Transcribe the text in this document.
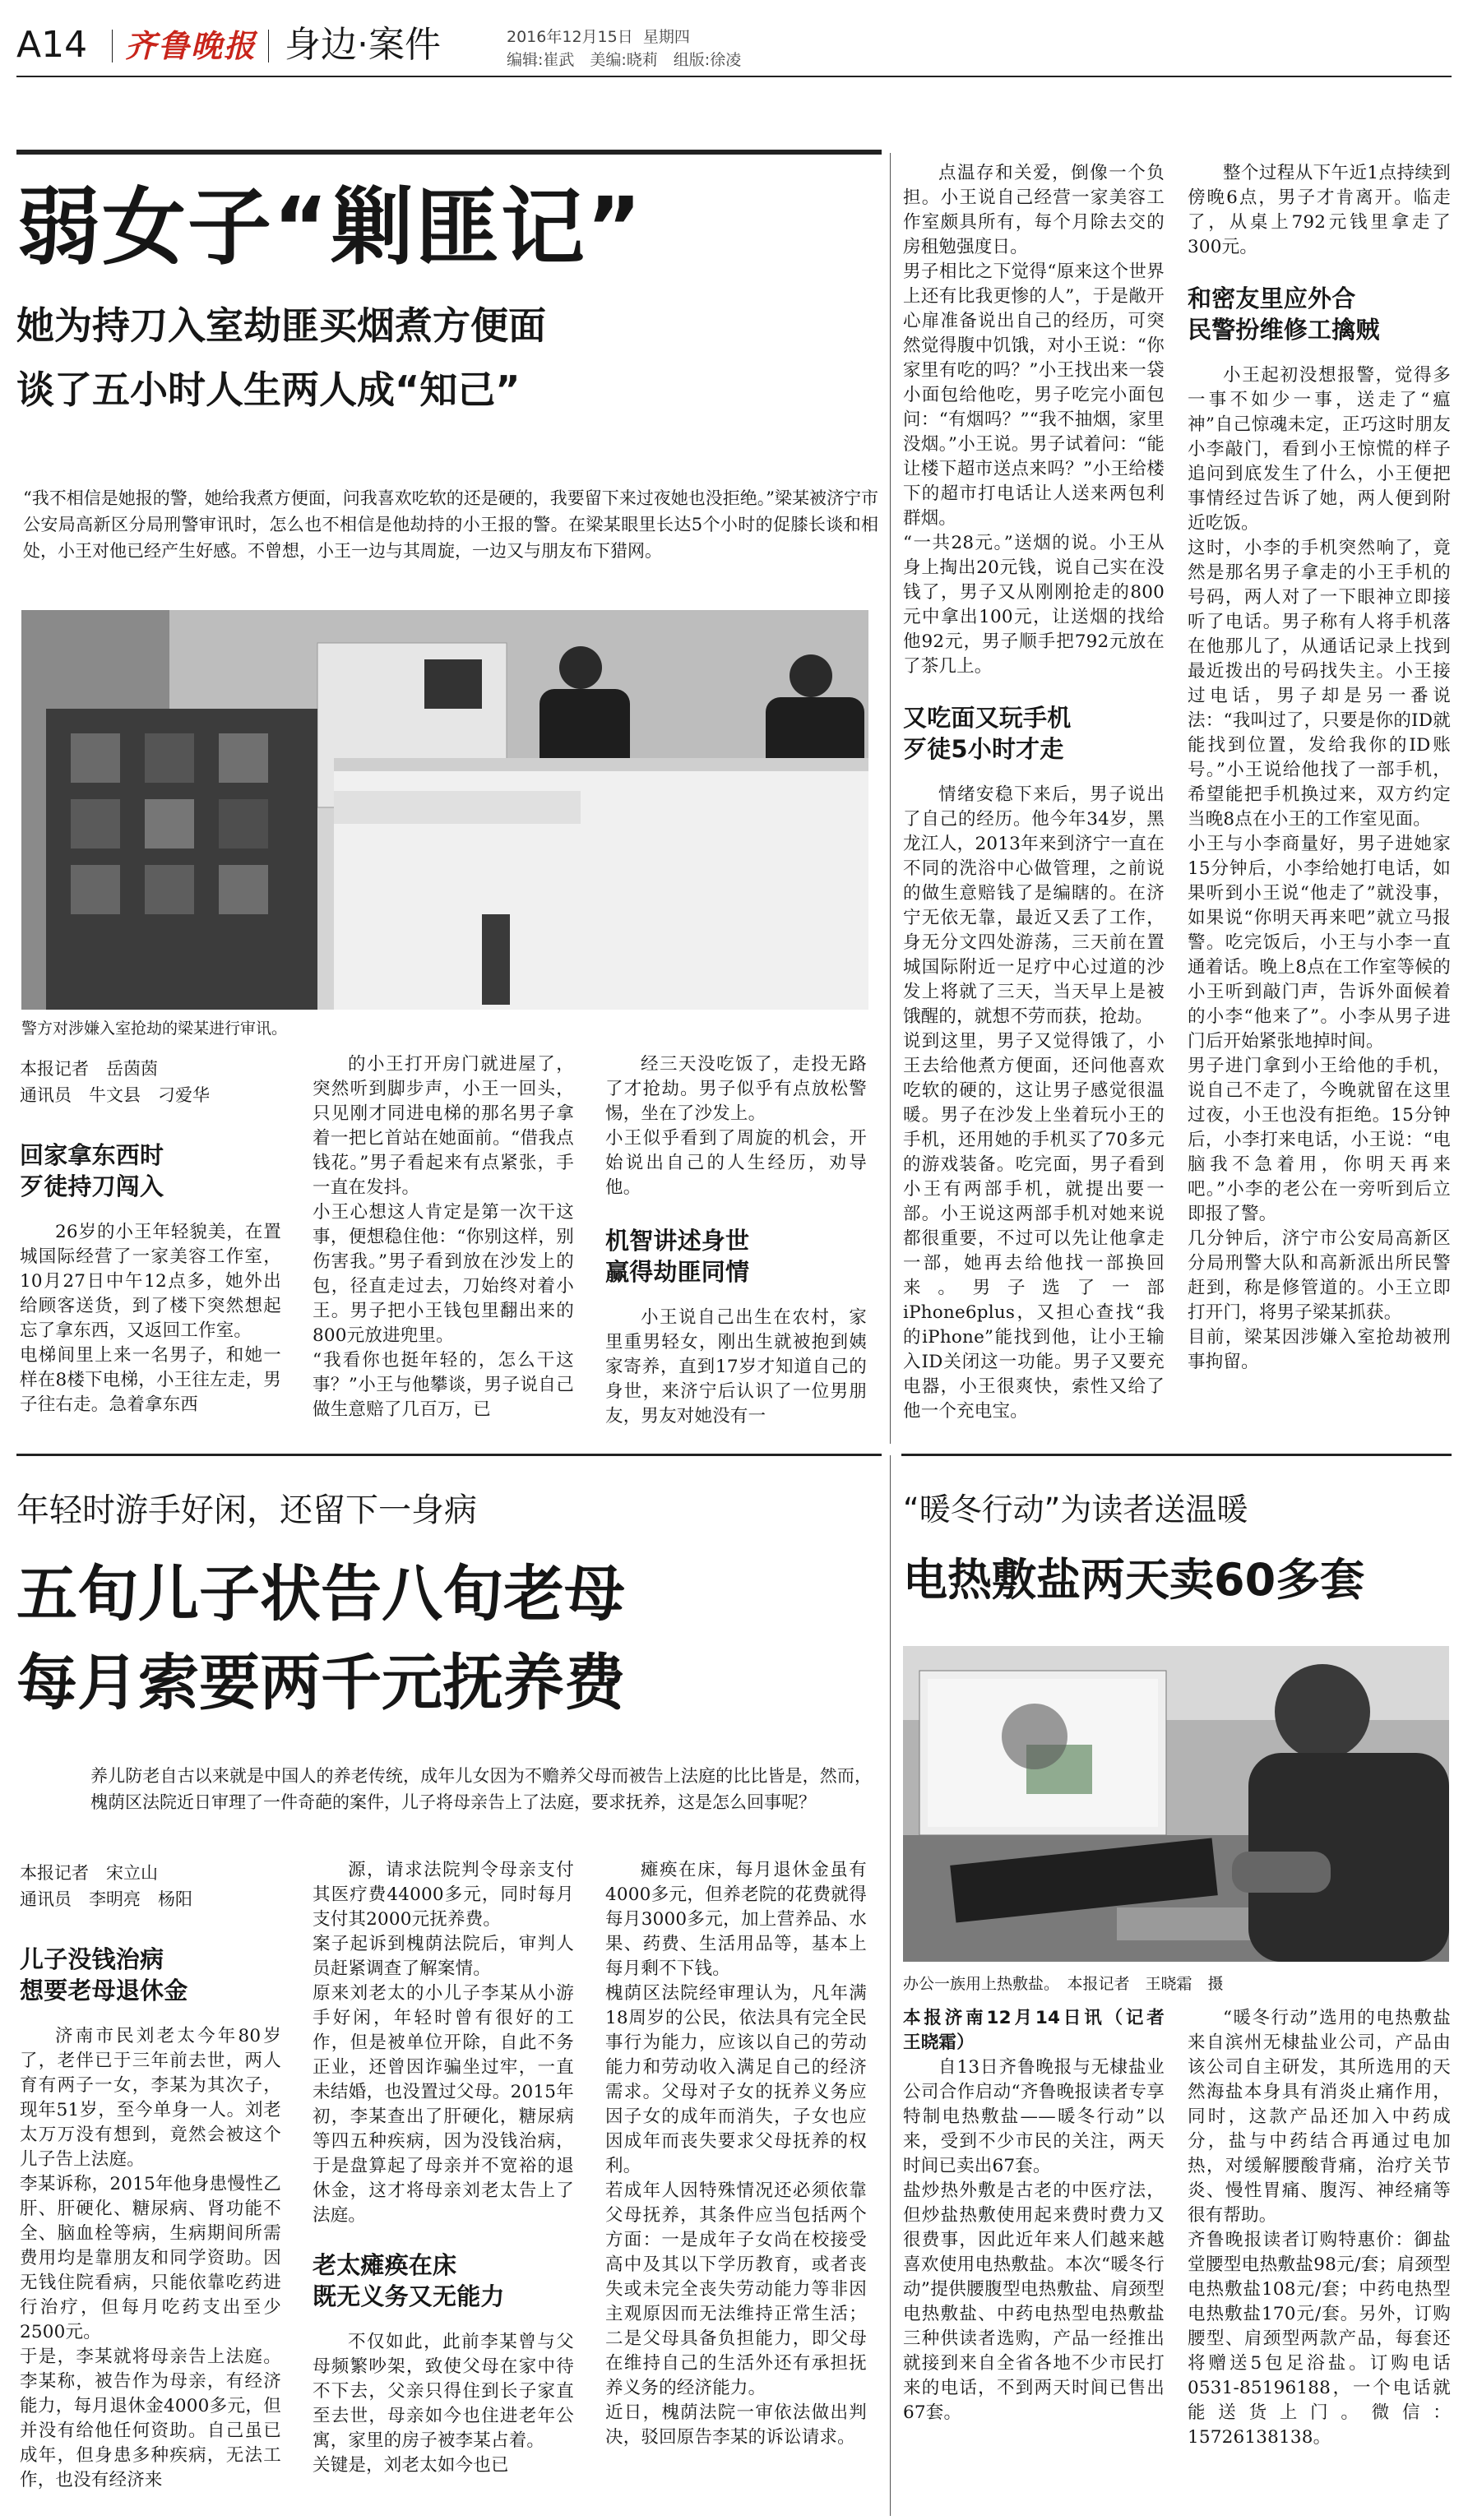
A14 齐鲁晚报 身边·案件	2016年12月15日 星期四
编辑:崔武　美编:晓莉　组版:徐凌
弱女子“剿匪记”
她为持刀入室劫匪买烟煮方便面
谈了五小时人生两人成“知己”
“我不相信是她报的警，她给我煮方便面，问我喜欢吃软的还是硬的，我要留下来过夜她也没拒绝。”梁某被济宁市公安局高新区分局刑警审讯时，怎么也不相信是他劫持的小王报的警。在梁某眼里长达5个小时的促膝长谈和相处，小王对他已经产生好感。不曾想，小王一边与其周旋，一边又与朋友布下猎网。
警方对涉嫌入室抢劫的梁某进行审讯。
本报记者　岳茵茵
通讯员　牛文县　刁爱华
回家拿东西时
歹徒持刀闯入

26岁的小王年轻貌美，在置城国际经营了一家美容工作室，10月27日中午12点多，她外出给顾客送货，到了楼下突然想起忘了拿东西，又返回工作室。
电梯间里上来一名男子，和她一样在8楼下电梯，小王往左走，男子往右走。急着拿东西

的小王打开房门就进屋了，突然听到脚步声，小王一回头，只见刚才同进电梯的那名男子拿着一把匕首站在她面前。“借我点钱花。”男子看起来有点紧张，手一直在发抖。
小王心想这人肯定是第一次干这事，便想稳住他：“你别这样，别伤害我。”男子看到放在沙发上的包，径直走过去，刀始终对着小王。男子把小王钱包里翻出来的800元放进兜里。
“我看你也挺年轻的，怎么干这事？”小王与他攀谈，男子说自己做生意赔了几百万，已

经三天没吃饭了，走投无路了才抢劫。男子似乎有点放松警惕，坐在了沙发上。
小王似乎看到了周旋的机会，开始说出自己的人生经历，劝导他。

机智讲述身世
赢得劫匪同情

小王说自己出生在农村，家里重男轻女，刚出生就被抱到姨家寄养，直到17岁才知道自己的身世，来济宁后认识了一位男朋友，男友对她没有一

点温存和关爱，倒像一个负担。小王说自己经营一家美容工作室颇具所有，每个月除去交的房租勉强度日。
男子相比之下觉得“原来这个世界上还有比我更惨的人”，于是敞开心扉准备说出自己的经历，可突然觉得腹中饥饿，对小王说：“你家里有吃的吗？”小王找出来一袋小面包给他吃，男子吃完小面包问：“有烟吗？”“我不抽烟，家里没烟。”小王说。男子试着问：“能让楼下超市送点来吗？”小王给楼下的超市打电话让人送来两包利群烟。
“一共28元。”送烟的说。小王从身上掏出20元钱，说自己实在没钱了，男子又从刚刚抢走的800元中拿出100元，让送烟的找给他92元，男子顺手把792元放在了茶几上。

又吃面又玩手机
歹徒5小时才走

情绪安稳下来后，男子说出了自己的经历。他今年34岁，黑龙江人，2013年来到济宁一直在不同的洗浴中心做管理，之前说的做生意赔钱了是编瞎的。在济宁无依无靠，最近又丢了工作，身无分文四处游荡，三天前在置城国际附近一足疗中心过道的沙发上将就了三天，当天早上是被饿醒的，就想不劳而获，抢劫。
说到这里，男子又觉得饿了，小王去给他煮方便面，还问他喜欢吃软的硬的，这让男子感觉很温暖。男子在沙发上坐着玩小王的手机，还用她的手机买了70多元的游戏装备。吃完面，男子看到小王有两部手机，就提出要一部。小王说这两部手机对她来说都很重要，不过可以先让他拿走一部，她再去给他找一部换回来。男子选了一部iPhone6plus，又担心查找“我的iPhone”能找到他，让小王输入ID关闭这一功能。男子又要充电器，小王很爽快，索性又给了他一个充电宝。

整个过程从下午近1点持续到傍晚6点，男子才肯离开。临走了，从桌上792元钱里拿走了300元。

和密友里应外合
民警扮维修工擒贼

小王起初没想报警，觉得多一事不如少一事，送走了“瘟神”自己惊魂未定，正巧这时朋友小李敲门，看到小王惊慌的样子追问到底发生了什么，小王便把事情经过告诉了她，两人便到附近吃饭。
这时，小李的手机突然响了，竟然是那名男子拿走的小王手机的号码，两人对了一下眼神立即接听了电话。男子称有人将手机落在他那儿了，从通话记录上找到最近拨出的号码找失主。小王接过电话，男子却是另一番说法：“我叫过了，只要是你的ID就能找到位置，发给我你的ID账号。”小王说给他找了一部手机，希望能把手机换过来，双方约定当晚8点在小王的工作室见面。
小王与小李商量好，男子进她家15分钟后，小李给她打电话，如果听到小王说“他走了”就没事，如果说“你明天再来吧”就立马报警。吃完饭后，小王与小李一直通着话。晚上8点在工作室等候的小王听到敲门声，告诉外面候着的小李“他来了”。小李从男子进门后开始紧张地掉时间。
男子进门拿到小王给他的手机，说自己不走了，今晚就留在这里过夜，小王也没有拒绝。15分钟后，小李打来电话，小王说：“电脑我不急着用，你明天再来吧。”小李的老公在一旁听到后立即报了警。
几分钟后，济宁市公安局高新区分局刑警大队和高新派出所民警赶到，称是修管道的。小王立即打开门，将男子梁某抓获。
目前，梁某因涉嫌入室抢劫被刑事拘留。

年轻时游手好闲，还留下一身病
五旬儿子状告八旬老母
每月索要两千元抚养费
养儿防老自古以来就是中国人的养老传统，成年儿女因为不赡养父母而被告上法庭的比比皆是，然而，槐荫区法院近日审理了一件奇葩的案件，儿子将母亲告上了法庭，要求抚养，这是怎么回事呢？
本报记者　宋立山
通讯员　李明亮　杨阳
儿子没钱治病
想要老母退休金

济南市民刘老太今年80岁了，老伴已于三年前去世，两人育有两子一女，李某为其次子，现年51岁，至今单身一人。刘老太万万没有想到，竟然会被这个儿子告上法庭。
李某诉称，2015年他身患慢性乙肝、肝硬化、糖尿病、肾功能不全、脑血栓等病，生病期间所需费用均是靠朋友和同学资助。因无钱住院看病，只能依靠吃药进行治疗，但每月吃药支出至少2500元。
于是，李某就将母亲告上法庭。李某称，被告作为母亲，有经济能力，每月退休金4000多元，但并没有给他任何资助。自己虽已成年，但身患多种疾病，无法工作，也没有经济来

源，请求法院判令母亲支付其医疗费44000多元，同时每月支付其2000元抚养费。
案子起诉到槐荫法院后，审判人员赶紧调查了解案情。
原来刘老太的小儿子李某从小游手好闲，年轻时曾有很好的工作，但是被单位开除，自此不务正业，还曾因诈骗坐过牢，一直未结婚，也没置过父母。2015年初，李某查出了肝硬化，糖尿病等四五种疾病，因为没钱治病，于是盘算起了母亲并不宽裕的退休金，这才将母亲刘老太告上了法庭。

老太瘫痪在床
既无义务又无能力

不仅如此，此前李某曾与父母频繁吵架，致使父母在家中待不下去，父亲只得住到长子家直至去世，母亲如今也住进老年公寓，家里的房子被李某占着。
关键是，刘老太如今也已

瘫痪在床，每月退休金虽有4000多元，但养老院的花费就得每月3000多元，加上营养品、水果、药费、生活用品等，基本上每月剩不下钱。
槐荫区法院经审理认为，凡年满18周岁的公民，依法具有完全民事行为能力，应该以自己的劳动能力和劳动收入满足自己的经济需求。父母对子女的抚养义务应因子女的成年而消失，子女也应因成年而丧失要求父母抚养的权利。
若成年人因特殊情况还必须依靠父母抚养，其条件应当包括两个方面：一是成年子女尚在校接受高中及其以下学历教育，或者丧失或未完全丧失劳动能力等非因主观原因而无法维持正常生活；二是父母具备负担能力，即父母在维持自己的生活外还有承担抚养义务的经济能力。
近日，槐荫法院一审依法做出判决，驳回原告李某的诉讼请求。

“暖冬行动”为读者送温暖
电热敷盐两天卖60多套
办公一族用上热敷盐。　本报记者　王晓霜　摄
本报济南12月14日讯（记者　王晓霜）

自13日齐鲁晚报与无棣盐业公司合作启动“齐鲁晚报读者专享特制电热敷盐——暖冬行动”以来，受到不少市民的关注，两天时间已卖出67套。
盐炒热外敷是古老的中医疗法，但炒盐热敷使用起来费时费力又很费事，因此近年来人们越来越喜欢使用电热敷盐。本次“暖冬行动”提供腰腹型电热敷盐、肩颈型电热敷盐、中药电热型电热敷盐三种供读者选购，产品一经推出就接到来自全省各地不少市民打来的电话，不到两天时间已售出67套。

“暖冬行动”选用的电热敷盐来自滨州无棣盐业公司，产品由该公司自主研发，其所选用的天然海盐本身具有消炎止痛作用，同时，这款产品还加入中药成分，盐与中药结合再通过电加热，对缓解腰酸背痛，治疗关节炎、慢性胃痛、腹泻、神经痛等很有帮助。
齐鲁晚报读者订购特惠价：御盐堂腰型电热敷盐98元/套；肩颈型电热敷盐108元/套；中药电热型电热敷盐170元/套。另外，订购腰型、肩颈型两款产品，每套还将赠送5包足浴盐。订购电话0531-85196188，一个电话就能送货上门。微信：15726138138。
